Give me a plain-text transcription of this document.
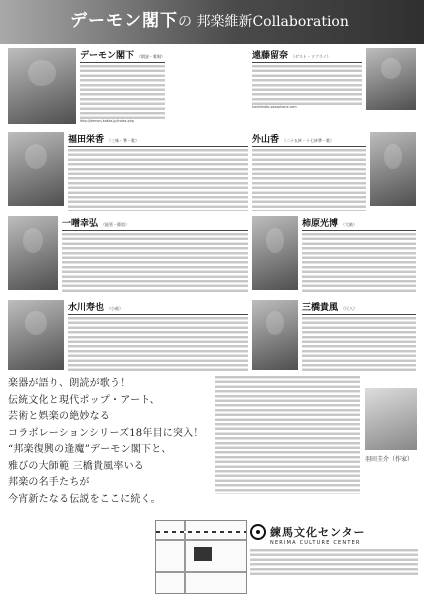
デーモン閣下の 邦楽維新Collaboration
デーモン閣下 （朗読・歌唱）
http://demon-kakka.jp/index.php
遠藤留奈 （ゲスト・ソプラノ）
hashimoto-saxophone.com
福田栄香 （三味・箏・歌）	外山香 （二十五絃・十七絃箏・歌）
一噌幸弘 （能管・篠笛）	柿原光博 （大鼓）
水川寿也 （小鼓）	三橋貴風 （尺八）
楽器が語り、朗読が歌う！
伝統文化と現代ポップ・アート、
芸術と娯楽の絶妙なる
コラボレーションシリーズ18年目に突入！
“邦楽復興の逢魔”デーモン閣下と、
雅びの大師範 三橋貴風率いる
邦楽の名手たちが
今宵新たなる伝説をここに続く。
羽田圭介（作家）
練馬文化センター
NERIMA CULTURE CENTER
